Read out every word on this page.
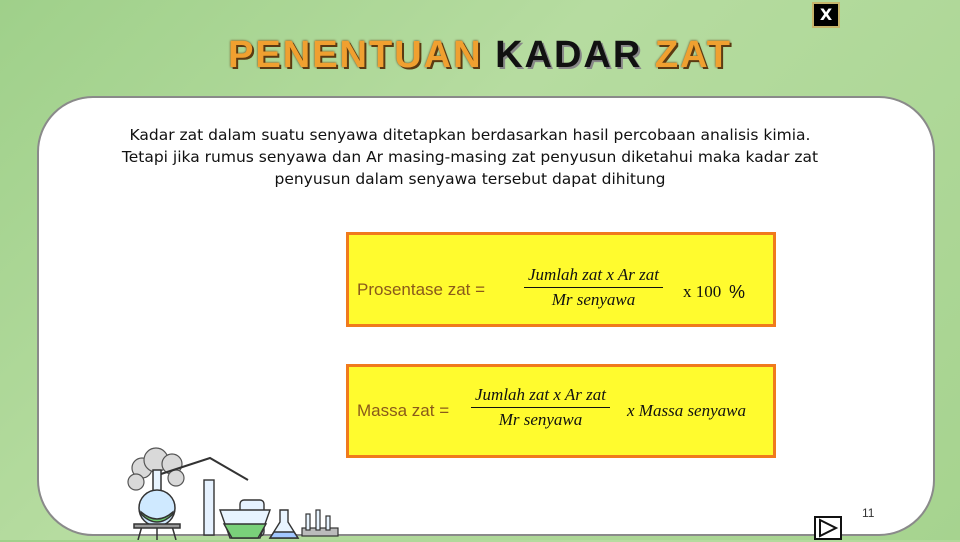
X
PENENTUAN KADAR ZAT
Kadar zat dalam suatu senyawa ditetapkan berdasarkan hasil percobaan analisis kimia. Tetapi jika rumus senyawa dan Ar masing-masing zat penyusun diketahui maka kadar zat penyusun dalam senyawa tersebut dapat dihitung
Prosentase zat =
Jumlah zat x Ar zat
Mr senyawa	x 100 %
Massa zat =
Jumlah zat x Ar zat
Mr senyawa	x Massa senyawa
11
